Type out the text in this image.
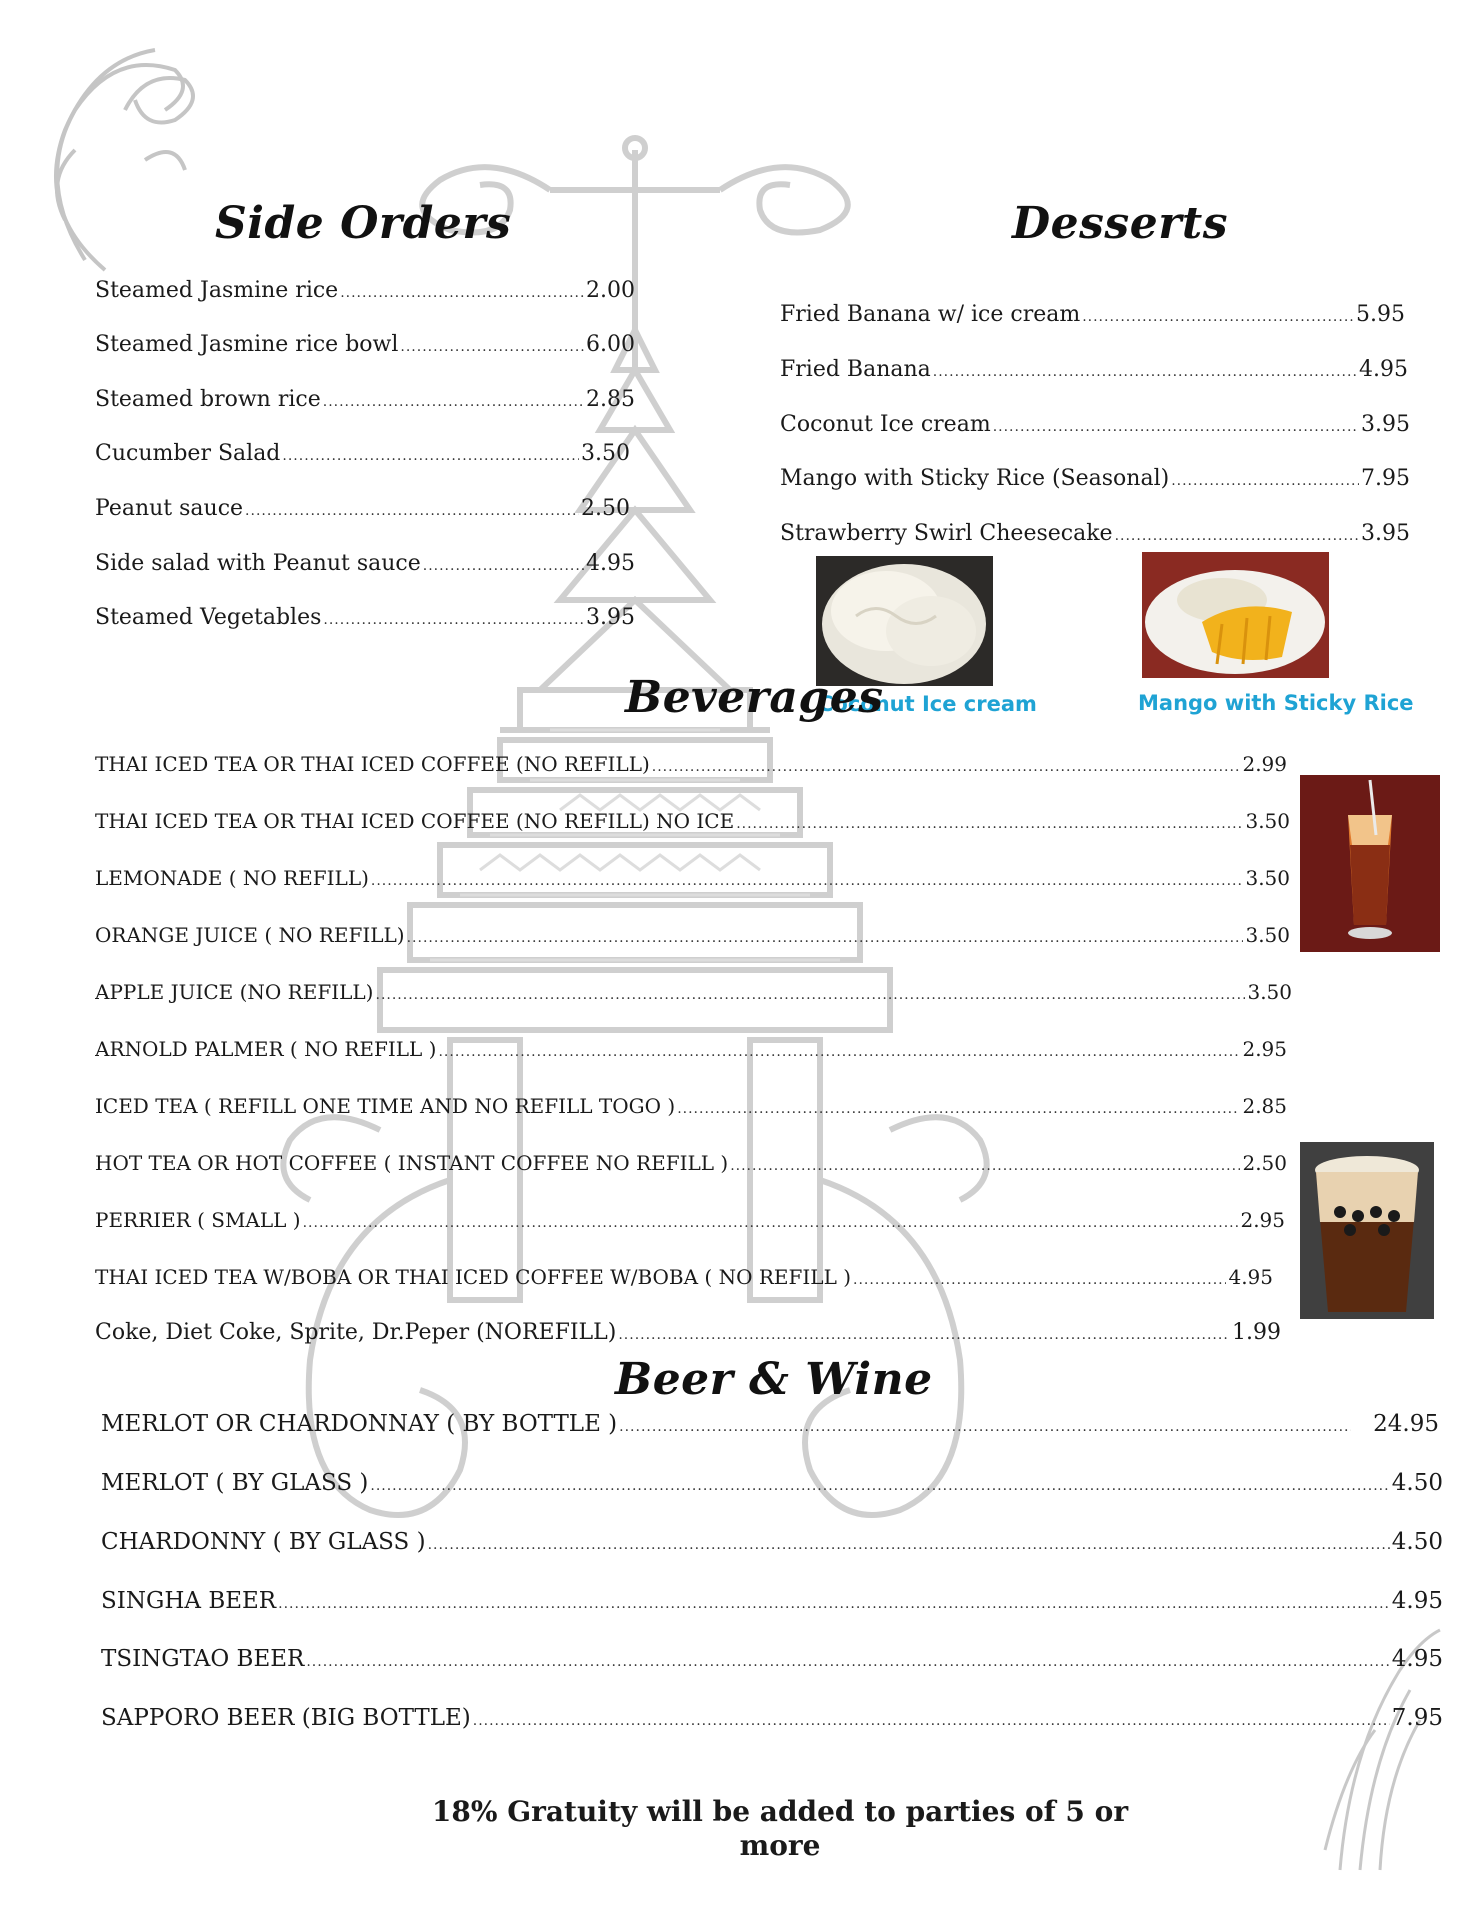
Side Orders
Steamed Jasmine rice .....	2.00
Steamed Jasmine rice bowl .....	6.00
Steamed brown rice .....	2.85
Cucumber Salad .....	3.50
Peanut sauce .....	2.50
Side salad with Peanut sauce .....	4.95
Steamed Vegetables .....	3.95
Desserts
Fried Banana w/ ice cream .....	5.95
Fried Banana .....	4.95
Coconut Ice cream .....	3.95
Mango with Sticky Rice (Seasonal) .....	7.95
Strawberry Swirl Cheesecake .....	3.95
Coconut Ice cream	Mango with Sticky Rice
Beverages
THAI ICED TEA OR THAI ICED COFFEE (NO REFILL) .....	2.99
THAI ICED TEA OR THAI ICED COFFEE (NO REFILL) NO ICE .....	3.50
LEMONADE ( NO REFILL) .....	3.50
ORANGE JUICE ( NO REFILL) .....	3.50
APPLE JUICE (NO REFILL) .....	3.50
ARNOLD PALMER ( NO REFILL ) .....	2.95
ICED TEA ( REFILL ONE TIME AND NO REFILL TOGO ) .....	2.85
HOT TEA OR HOT COFFEE ( INSTANT COFFEE NO REFILL ) .....	2.50
PERRIER ( SMALL ) .....	2.95
THAI ICED TEA W/BOBA OR THAI ICED COFFEE W/BOBA ( NO REFILL ) .....	4.95
Coke, Diet Coke, Sprite, Dr.Peper (NOREFILL) .....	1.99
Beer & Wine
MERLOT OR CHARDONNAY ( BY BOTTLE ) .....	24.95
MERLOT ( BY GLASS ) .....	4.50
CHARDONNY ( BY GLASS ) .....	4.50
SINGHA BEER .....	4.95
TSINGTAO BEER .....	4.95
SAPPORO BEER (BIG BOTTLE) .....	7.95
18% Gratuity will be added to parties of 5 or
more
